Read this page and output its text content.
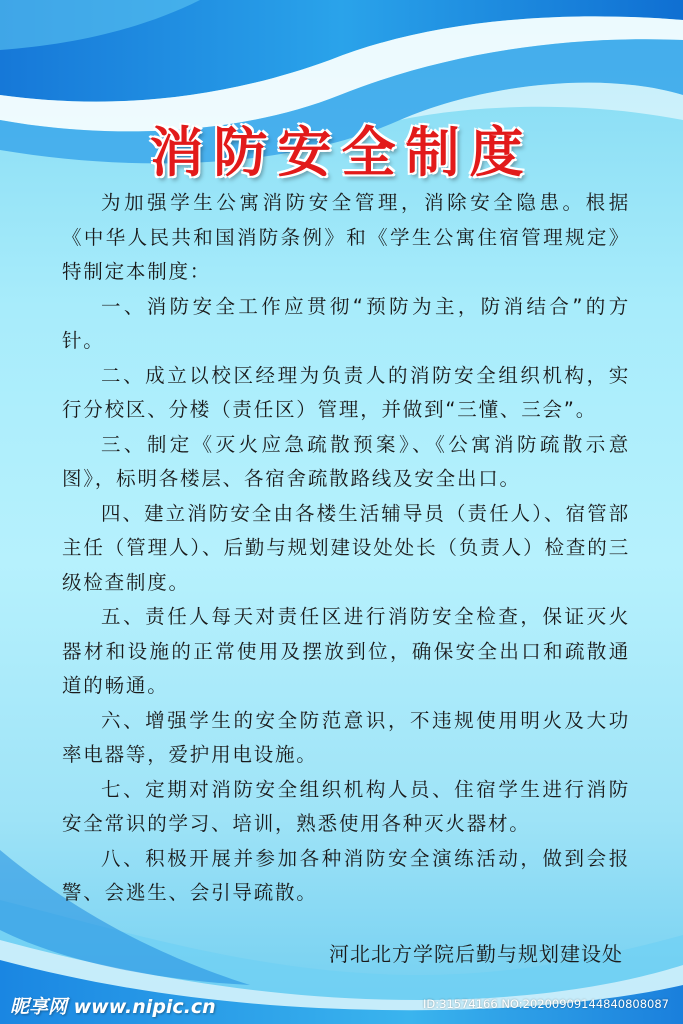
消防安全制度

为加强学生公寓消防安全管理，消除安全隐患。根据《中华人民共和国消防条例》和《学生公寓住宿管理规定》特制定本制度：

一、消防安全工作应贯彻“预防为主，防消结合”的方针。

二、成立以校区经理为负责人的消防安全组织机构，实行分校区、分楼（责任区）管理，并做到“三懂、三会”。

三、制定《灭火应急疏散预案》、《公寓消防疏散示意图》，标明各楼层、各宿舍疏散路线及安全出口。

四、建立消防安全由各楼生活辅导员（责任人）、宿管部主任（管理人）、后勤与规划建设处处长（负责人）检查的三级检查制度。

五、责任人每天对责任区进行消防安全检查，保证灭火器材和设施的正常使用及摆放到位，确保安全出口和疏散通道的畅通。

六、增强学生的安全防范意识，不违规使用明火及大功率电器等，爱护用电设施。

七、定期对消防安全组织机构人员、住宿学生进行消防安全常识的学习、培训，熟悉使用各种灭火器材。

八、积极开展并参加各种消防安全演练活动，做到会报警、会逃生、会引导疏散。

河北北方学院后勤与规划建设处
昵享网 www.nipic.cn	ID:31574166 NO:20200909144840808087
